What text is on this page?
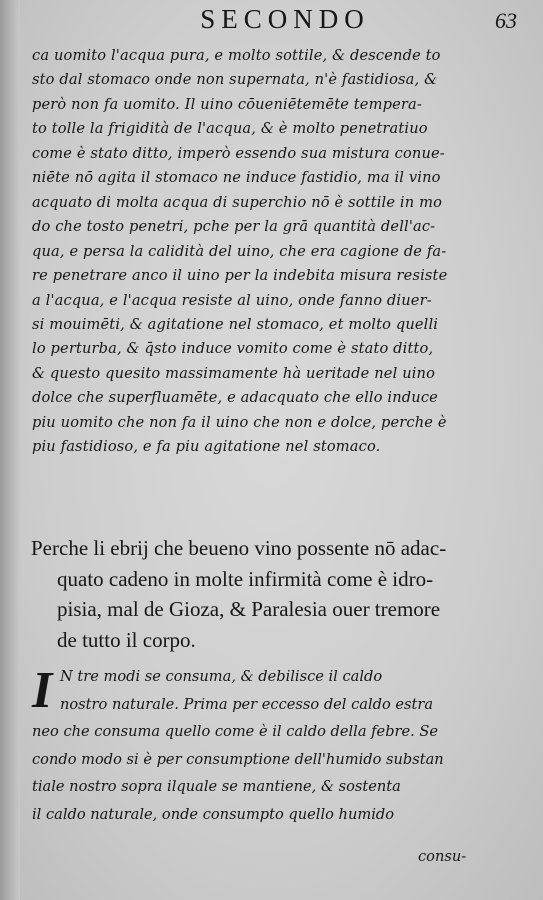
SECONDO	63
ca uomito l'acqua pura, e molto sottile, & descende to
sto dal stomaco onde non supernata, n'è fastidiosa, &
però non fa uomito. Il uino cōueniētemēte tempera-
to tolle la frigidità de l'acqua, & è molto penetratiuo
come è stato ditto, imperò essendo sua mistura conue-
niēte nō agita il stomaco ne induce fastidio, ma il vino
acquato di molta acqua di superchio nō è sottile in mo
do che tosto penetri, pche per la grā quantità dell'ac-
qua, e persa la calidità del uino, che era cagione de fa-
re penetrare anco il uino per la indebita misura resiste
a l'acqua, e l'acqua resiste al uino, onde fanno diuer-
si mouimēti, & agitatione nel stomaco, et molto quelli
lo perturba, & q̄sto induce vomito come è stato ditto,
& questo quesito massimamente hà ueritade nel uino
dolce che superfluamēte, e adacquato che ello induce
piu uomito che non fa il uino che non e dolce, perche è
piu fastidioso, e fa piu agitatione nel stomaco.
Perche li ebrij che beueno vino possente nō adac-
quato cadeno in molte infirmità come è idro-
pisia, mal de Gioza, & Paralesia ouer tremore
de tutto il corpo.
I N tre modi se consuma, & debilisce il caldo
nostro naturale. Prima per eccesso del caldo estra
neo che consuma quello come è il caldo della febre. Se
condo modo si è per consumptione dell'humido substan
tiale nostro sopra ilquale se mantiene, & sostenta
il caldo naturale, onde consumpto quello humido
consu-
